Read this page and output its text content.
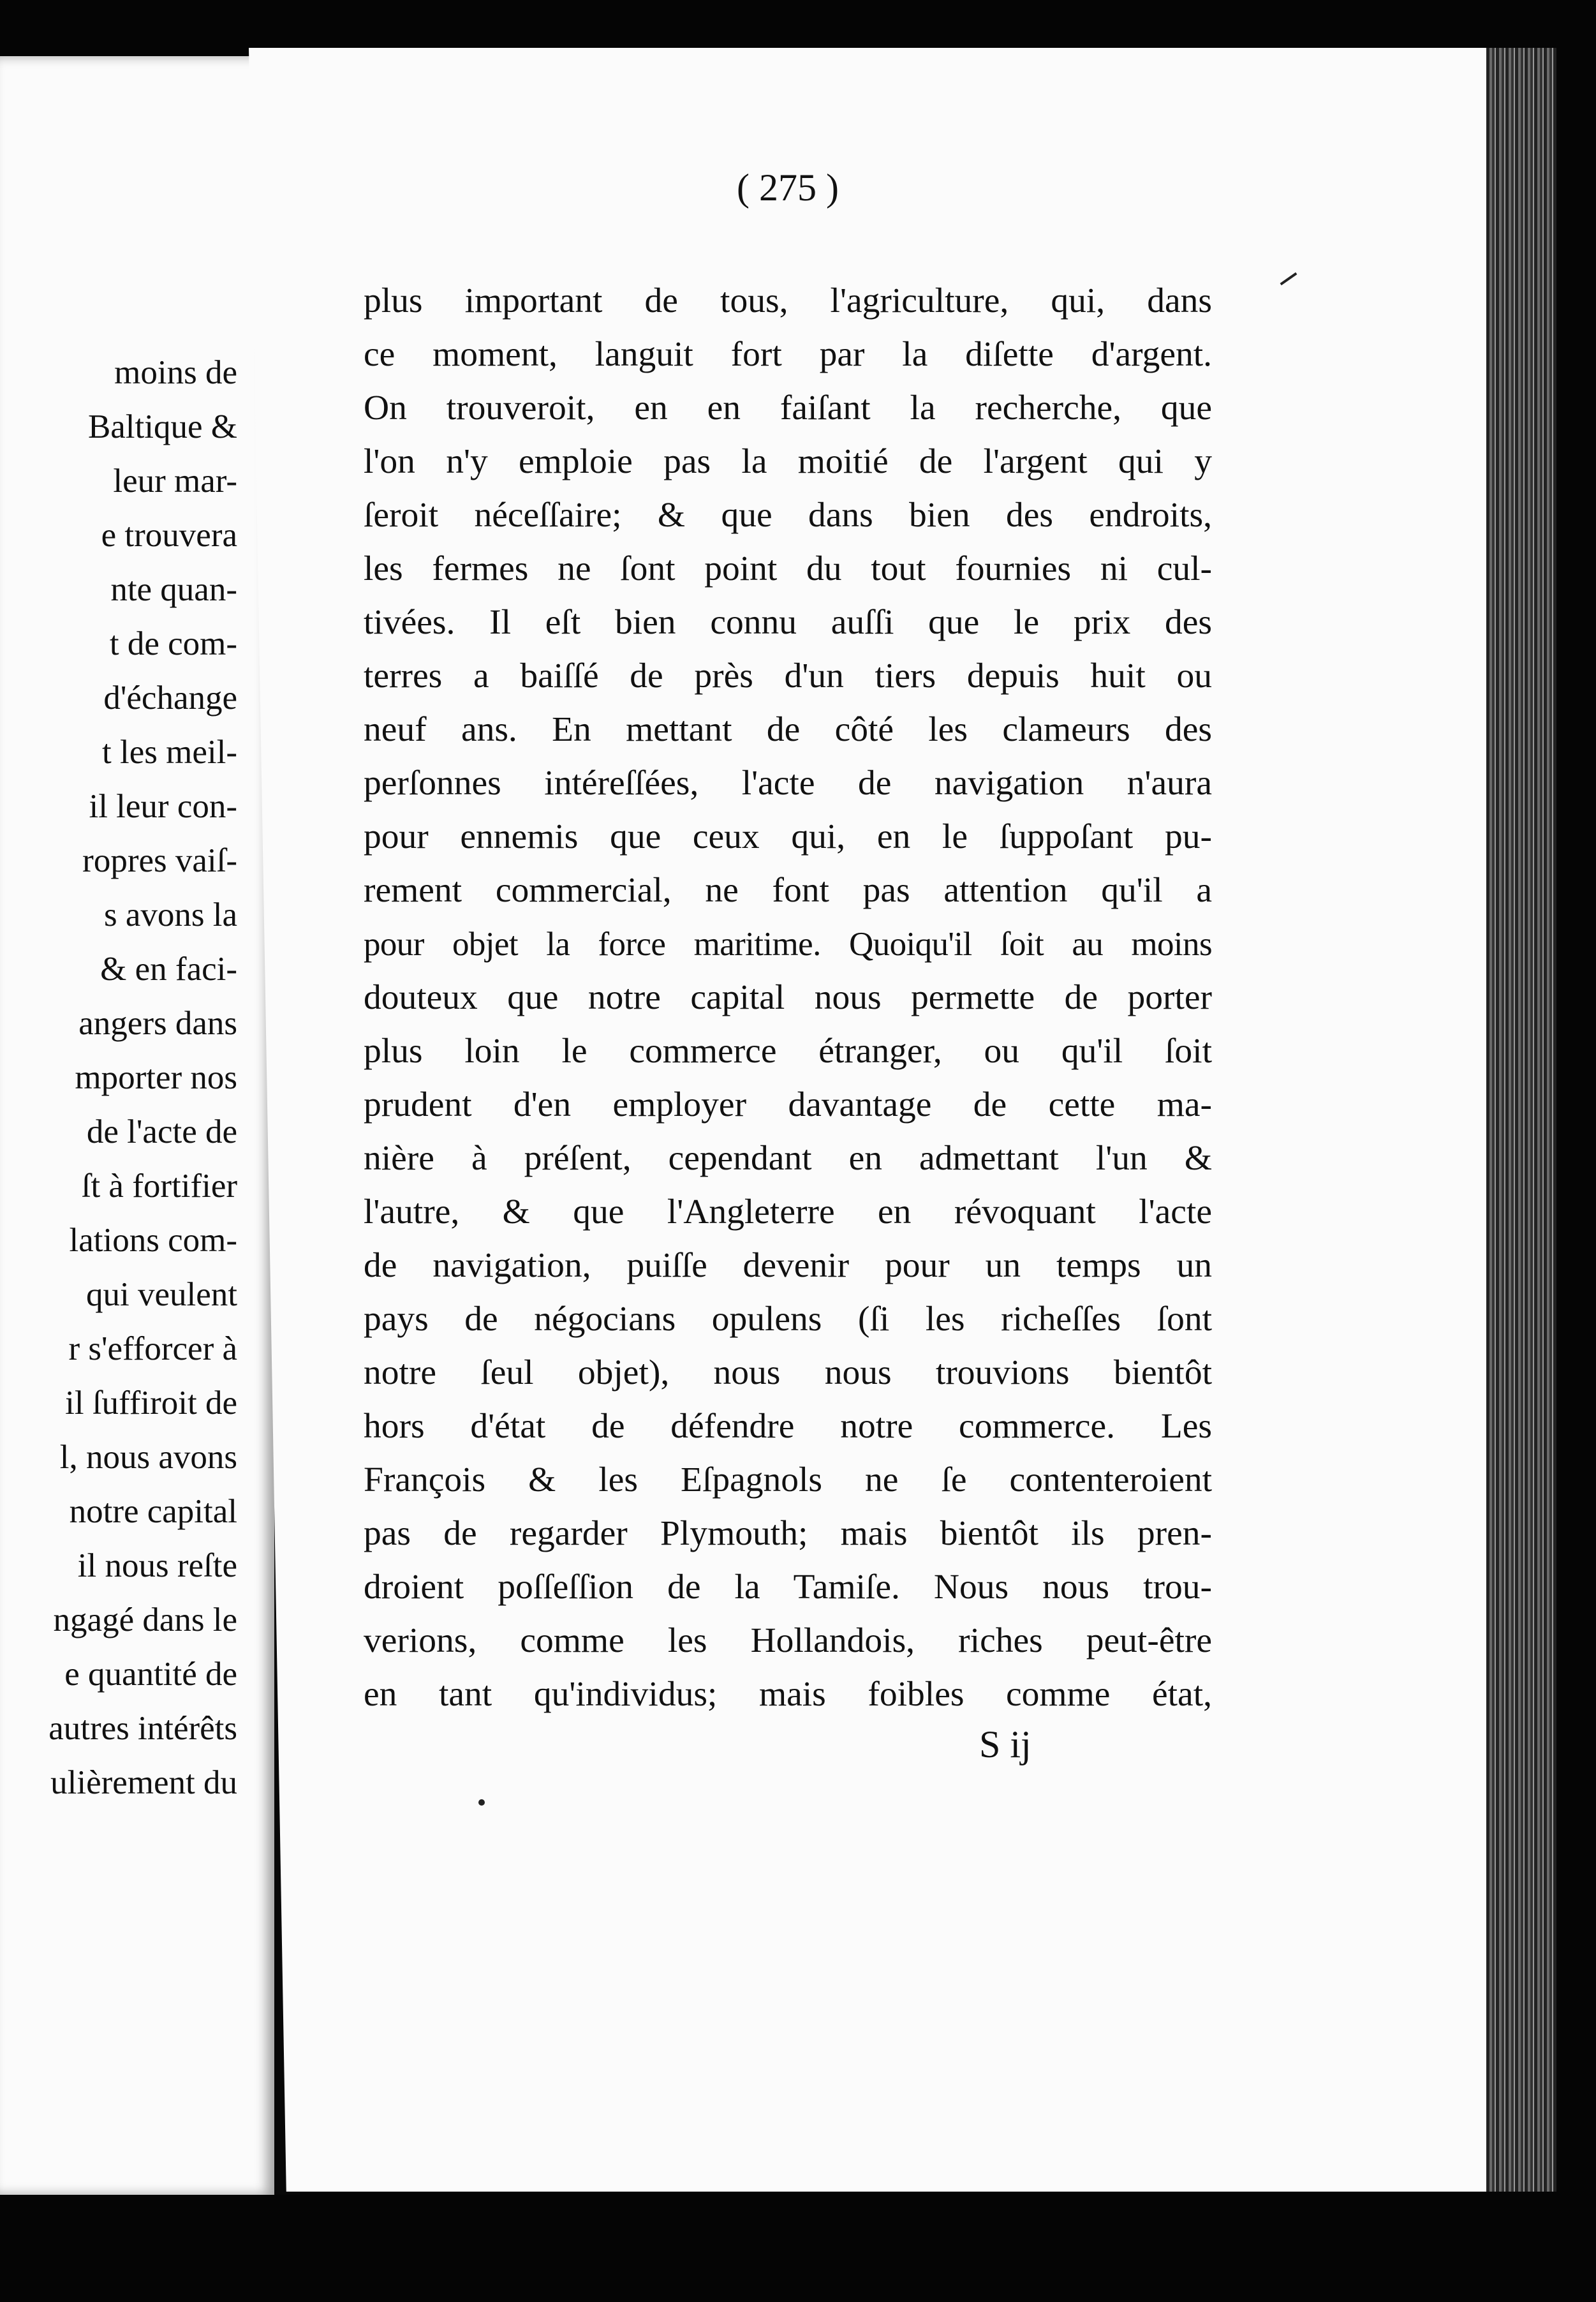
moins de
Baltique &
leur mar-
e trouvera
nte quan-
t de com-
d'échange
t les meil-
il leur con-
ropres vaiſ-
s avons la
& en faci-
angers dans
mporter nos
de l'acte de
ſt à fortifier
lations com-
qui veulent
r s'efforcer à
il ſuffiroit de
l, nous avons
notre capital
il nous reſte
ngagé dans le
e quantité de
autres intérêts
ulièrement du
( 275 )
plus important de tous, l'agriculture, qui, dans
ce moment, languit fort par la diſette d'argent.
On trouveroit, en en faiſant la recherche, que
l'on n'y emploie pas la moitié de l'argent qui y
ſeroit néceſſaire; & que dans bien des endroits,
les fermes ne ſont point du tout fournies ni cul-
tivées. Il eſt bien connu auſſi que le prix des
terres a baiſſé de près d'un tiers depuis huit ou
neuf ans. En mettant de côté les clameurs des
perſonnes intéreſſées, l'acte de navigation n'aura
pour ennemis que ceux qui, en le ſuppoſant pu-
rement commercial, ne font pas attention qu'il a
pour objet la force maritime. Quoiqu'il ſoit au moins
douteux que notre capital nous permette de porter
plus loin le commerce étranger, ou qu'il ſoit
prudent d'en employer davantage de cette ma-
nière à préſent, cependant en admettant l'un &
l'autre, & que l'Angleterre en révoquant l'acte
de navigation, puiſſe devenir pour un temps un
pays de négocians opulens (ſi les richeſſes ſont
notre ſeul objet), nous nous trouvions bientôt
hors d'état de défendre notre commerce. Les
François & les Eſpagnols ne ſe contenteroient
pas de regarder Plymouth; mais bientôt ils pren-
droient poſſeſſion de la Tamiſe. Nous nous trou-
verions, comme les Hollandois, riches peut-être
en tant qu'individus; mais foibles comme état,
S ij
